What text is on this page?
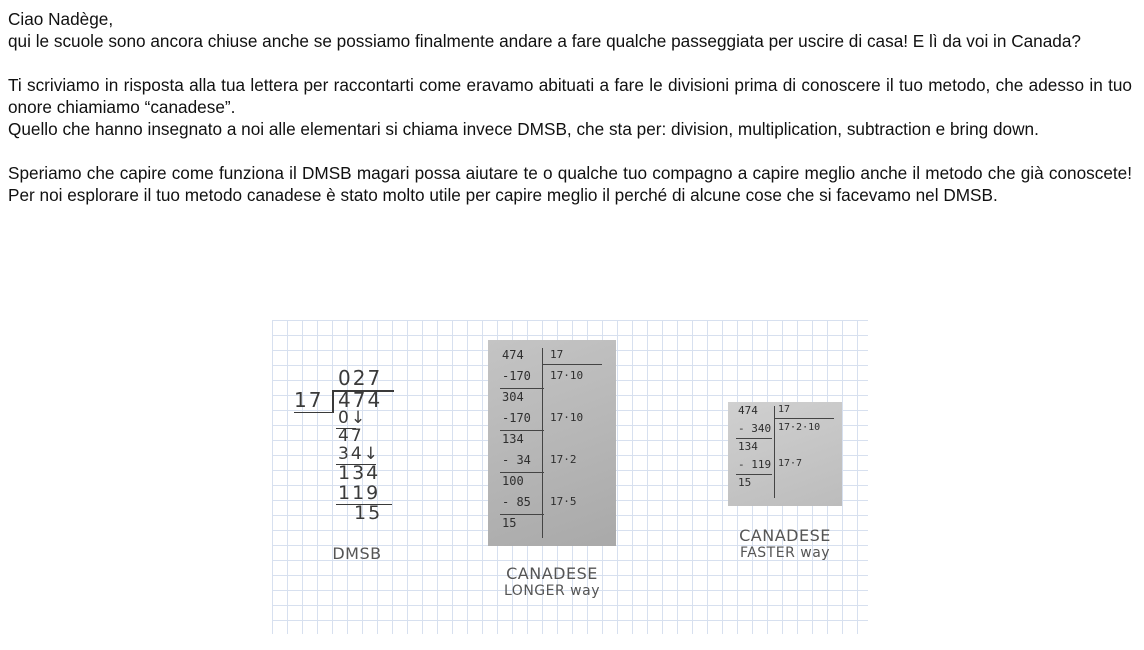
Ciao Nadège,

qui le scuole sono ancora chiuse anche se possiamo finalmente andare a fare qualche passeggiata per uscire di casa! E lì da voi in Canada?

Ti scriviamo in risposta alla tua lettera per raccontarti come eravamo abituati a fare le divisioni prima di conoscere il tuo metodo, che adesso in tuo onore chiamiamo “canadese”.

Quello che hanno insegnato a noi alle elementari si chiama invece DMSB, che sta per: division, multiplication, subtraction e bring down.

Speriamo che capire come funziona il DMSB magari possa aiutare te o qualche tuo compagno a capire meglio anche il metodo che già conoscete! Per noi esplorare il tuo metodo canadese è stato molto utile per capire meglio il perché di alcune cose che si facevamo nel DMSB.

027
17 474
0↓
47
34↓
134
119
15
DMSB
474 17
-170 17·10
304
-170 17·10
134
- 34 17·2
100
- 85 17·5
15
CANADESE
LONGER way
474 17
- 340 17·2·10
134
- 119 17·7
15
CANADESE
FASTER way
